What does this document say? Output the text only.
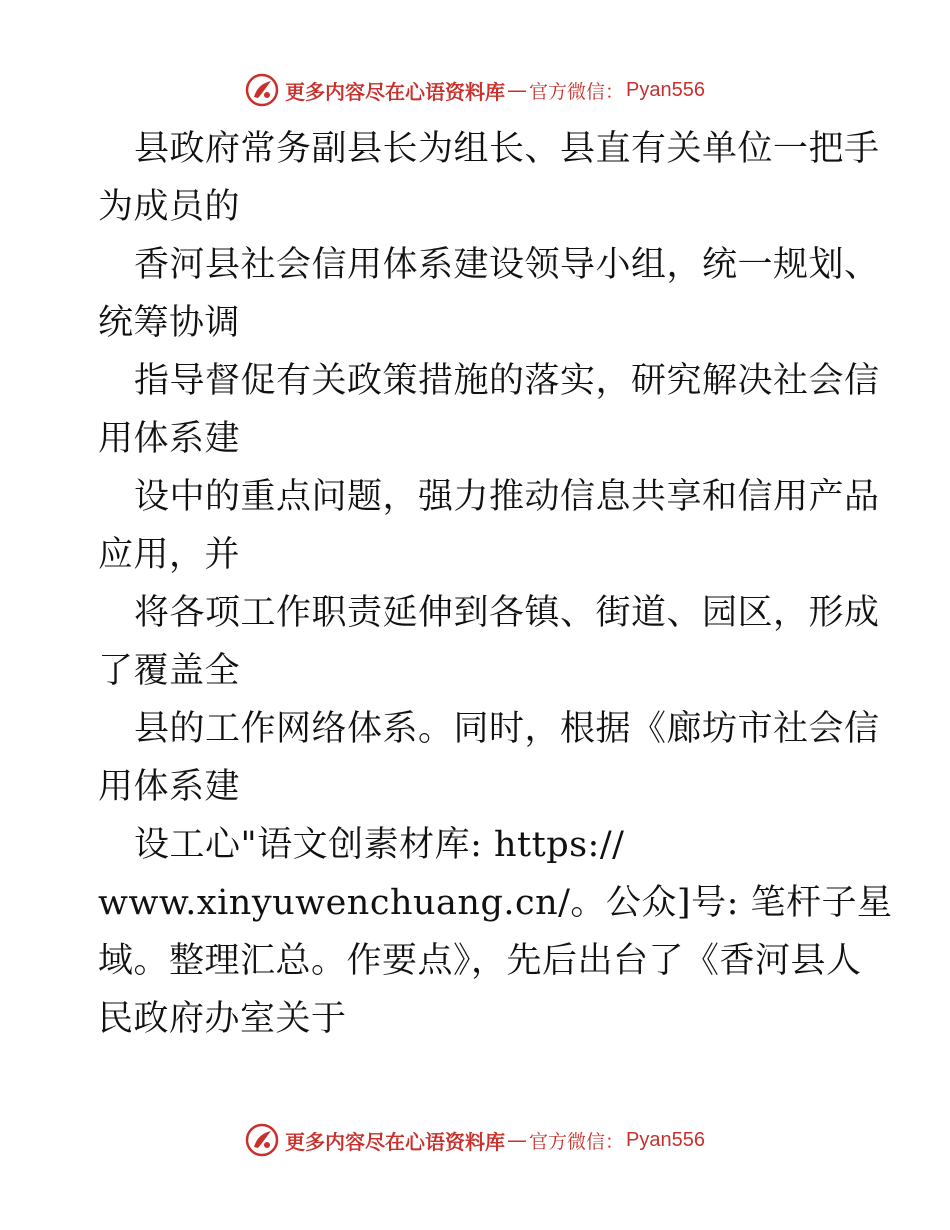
更多内容尽在心语资料库 — 官方微信： Pyan556
县政府常务副县长为组长、县直有关单位一把手
为成员的
香河县社会信用体系建设领导小组，统一规划、
统筹协调
指导督促有关政策措施的落实，研究解决社会信
用体系建
设中的重点问题，强力推动信息共享和信用产品
应用，并
将各项工作职责延伸到各镇、街道、园区，形成
了覆盖全
县的工作网络体系。同时，根据《廊坊市社会信
用体系建
设工心"语文创素材库: https://
www.xinyuwenchuang.cn/。公众]号: 笔杆子星
域。整理汇总。作要点》，先后出台了《香河县人
民政府办室关于
更多内容尽在心语资料库 — 官方微信： Pyan556
